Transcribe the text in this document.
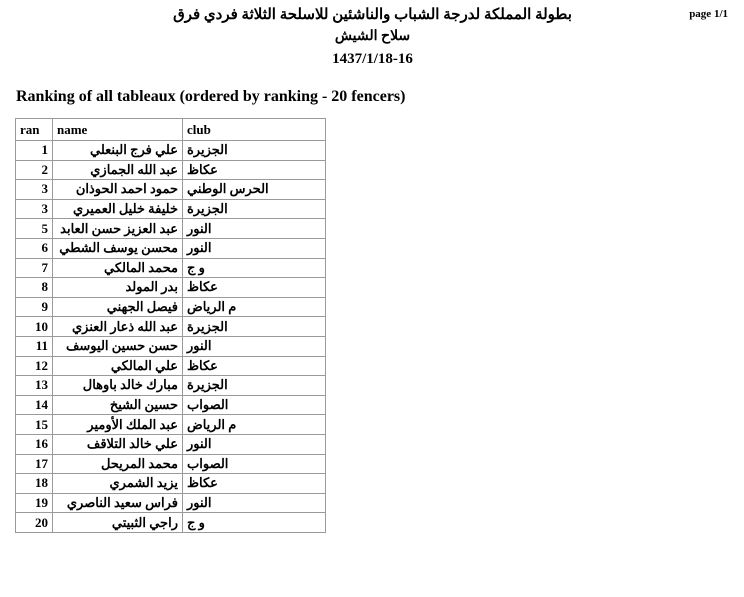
page 1/1
بطولة المملكة لدرجة الشباب والناشئين للاسلحة الثلاثة فردي فرق
سلاح الشيش
1437/1/18-16
Ranking of all tableaux (ordered by ranking - 20 fencers)
ran	name	club
1	علي فرج البنعلي	الجزيرة
2	عبد الله الجمازي	عكاظ
3	حمود احمد الحوذان	الحرس الوطني
3	خليفة خليل العميري	الجزيرة
5	عبد العزيز حسن العابد	النور
6	محسن يوسف الشطي	النور
7	محمد المالكي	و ج
8	بدر المولد	عكاظ
9	فيصل الجهني	م الرياض
10	عبد الله ذعار العنزي	الجزيرة
11	حسن حسين اليوسف	النور
12	علي المالكي	عكاظ
13	مبارك خالد باوهال	الجزيرة
14	حسين الشيخ	الصواب
15	عبد الملك الأومير	م الرياض
16	علي خالد التلاقف	النور
17	محمد المريحل	الصواب
18	يزيد الشمري	عكاظ
19	فراس سعيد الناصري	النور
20	راجي الثبيتي	و ج
